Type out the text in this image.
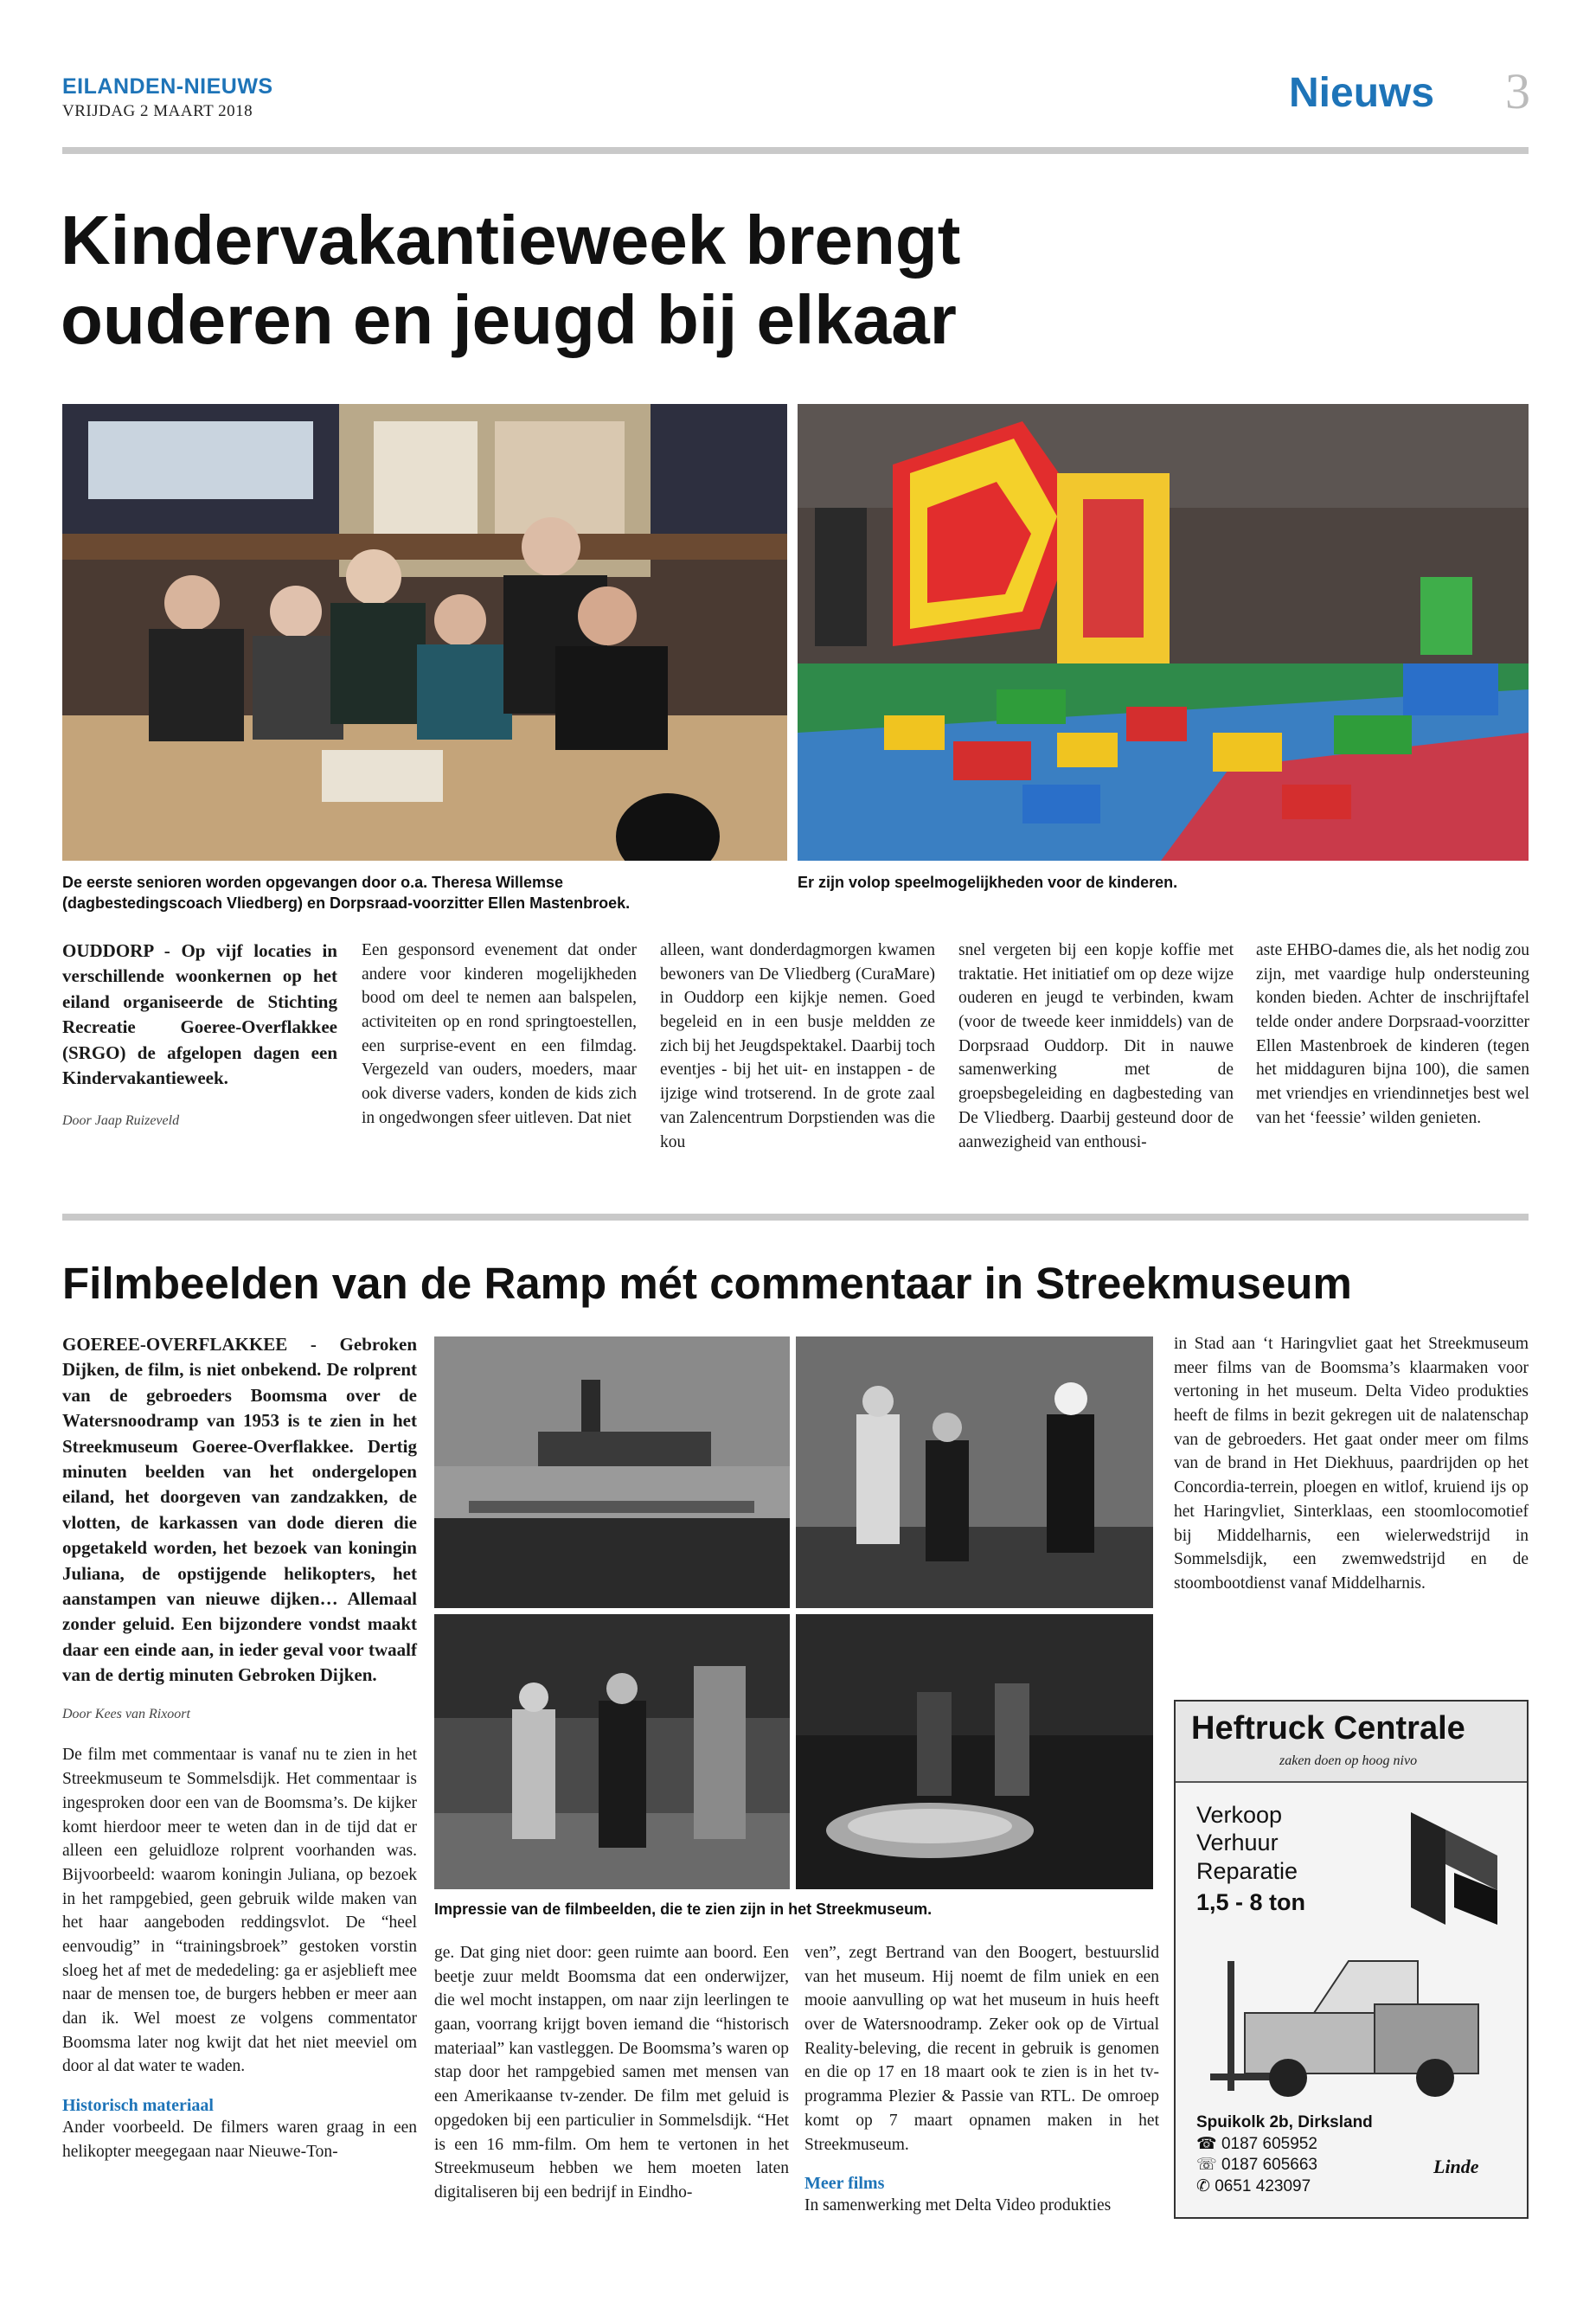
EILANDEN-NIEUWS
VRIJDAG 2 MAART 2018	Nieuws 3
Kindervakantieweek brengt
ouderen en jeugd bij elkaar
De eerste senioren worden opgevangen door o.a. Theresa Willemse
(dagbestedingscoach Vliedberg) en Dorpsraad-voorzitter Ellen Mastenbroek.
Er zijn volop speelmogelijkheden voor de kinderen.
OUDDORP - Op vijf locaties in verschillende woonkernen op het eiland organiseerde de Stichting Recreatie Goeree-Overflakkee (SRGO) de afgelopen dagen een Kindervakantieweek.
Door Jaap Ruizeveld
Een gesponsord evenement dat onder andere voor kinderen mogelijkheden bood om deel te nemen aan balspelen, activiteiten op en rond springtoestellen, een surprise-event en een filmdag. Vergezeld van ouders, moeders, maar ook diverse vaders, konden de kids zich in ongedwongen sfeer uitleven. Dat niet
alleen, want donderdagmorgen kwamen bewoners van De Vliedberg (CuraMare) in Ouddorp een kijkje nemen. Goed begeleid en in een busje meldden ze zich bij het Jeugdspektakel. Daarbij toch eventjes - bij het uit- en instappen - de ijzige wind trotserend. In de grote zaal van Zalencentrum Dorpstienden was die kou
snel vergeten bij een kopje koffie met traktatie. Het initiatief om op deze wijze ouderen en jeugd te verbinden, kwam (voor de tweede keer inmiddels) van de Dorpsraad Ouddorp. Dit in nauwe samenwerking met de groepsbegeleiding en dagbesteding van De Vliedberg. Daarbij gesteund door de aanwezigheid van enthousi-
aste EHBO-dames die, als het nodig zou zijn, met vaardige hulp ondersteuning konden bieden. Achter de inschrijftafel telde onder andere Dorpsraad-voorzitter Ellen Mastenbroek de kinderen (tegen het middaguren bijna 100), die samen met vriendjes en vriendinnetjes best wel van het ‘feessie’ wilden genieten.
Filmbeelden van de Ramp mét commentaar in Streekmuseum
GOEREE-OVERFLAKKEE - Gebroken Dijken, de film, is niet onbekend. De rolprent van de gebroeders Boomsma over de Watersnoodramp van 1953 is te zien in het Streekmuseum Goeree-Overflakkee. Dertig minuten beelden van het ondergelopen eiland, het doorgeven van zandzakken, de vlotten, de karkassen van dode dieren die opgetakeld worden, het bezoek van koningin Juliana, de opstijgende helikopters, het aanstampen van nieuwe dijken… Allemaal zonder geluid. Een bijzondere vondst maakt daar een einde aan, in ieder geval voor twaalf van de dertig minuten Gebroken Dijken.
Door Kees van Rixoort
De film met commentaar is vanaf nu te zien in het Streekmuseum te Sommelsdijk. Het commentaar is ingesproken door een van de Boomsma’s. De kijker komt hierdoor meer te weten dan in de tijd dat er alleen een geluidloze rolprent voorhanden was. Bijvoorbeeld: waarom koningin Juliana, op bezoek in het rampgebied, geen gebruik wilde maken van het haar aangeboden reddingsvlot. De “heel eenvoudig” in “trainingsbroek” gestoken vorstin sloeg het af met de mededeling: ga er asjeblieft mee naar de mensen toe, de burgers hebben er meer aan dan ik. Wel moest ze volgens commentator Boomsma later nog kwijt dat het niet meeviel om door al dat water te waden.
Historisch materiaal
Ander voorbeeld. De filmers waren graag in een helikopter meegegaan naar Nieuwe-Ton-
Impressie van de filmbeelden, die te zien zijn in het Streekmuseum.
ge. Dat ging niet door: geen ruimte aan boord. Een beetje zuur meldt Boomsma dat een onderwijzer, die wel mocht instappen, om naar zijn leerlingen te gaan, voorrang krijgt boven iemand die “historisch materiaal” kan vastleggen. De Boomsma’s waren op stap door het rampgebied samen met mensen van een Amerikaanse tv-zender. De film met geluid is opgedoken bij een particulier in Sommelsdijk. “Het is een 16 mm-film. Om hem te vertonen in het Streekmuseum hebben we hem moeten laten digitaliseren bij een bedrijf in Eindho-
ven”, zegt Bertrand van den Boogert, bestuurslid van het museum. Hij noemt de film uniek en een mooie aanvulling op wat het museum in huis heeft over de Watersnoodramp. Zeker ook op de Virtual Reality-beleving, die recent in gebruik is genomen en die op 17 en 18 maart ook te zien is in het tv-programma Plezier & Passie van RTL. De omroep komt op 7 maart opnamen maken in het Streekmuseum.
Meer films
In samenwerking met Delta Video produkties
in Stad aan ‘t Haringvliet gaat het Streekmuseum meer films van de Boomsma’s klaarmaken voor vertoning in het museum. Delta Video produkties heeft de films in bezit gekregen uit de nalatenschap van de gebroeders. Het gaat onder meer om films van de brand in Het Diekhuus, paardrijden op het Concordia-terrein, ploegen en witlof, kruiend ijs op het Haringvliet, Sinterklaas, een stoomlocomotief bij Middelharnis, een wielerwedstrijd in Sommelsdijk, een zwemwedstrijd en de stoombootdienst vanaf Middelharnis.
Heftruck Centrale
zaken doen op hoog nivo
Verkoop
Verhuur
Reparatie
1,5 - 8 ton
Spuikolk 2b, Dirksland
☎ 0187 605952
☏ 0187 605663
✆ 0651 423097
Linde
